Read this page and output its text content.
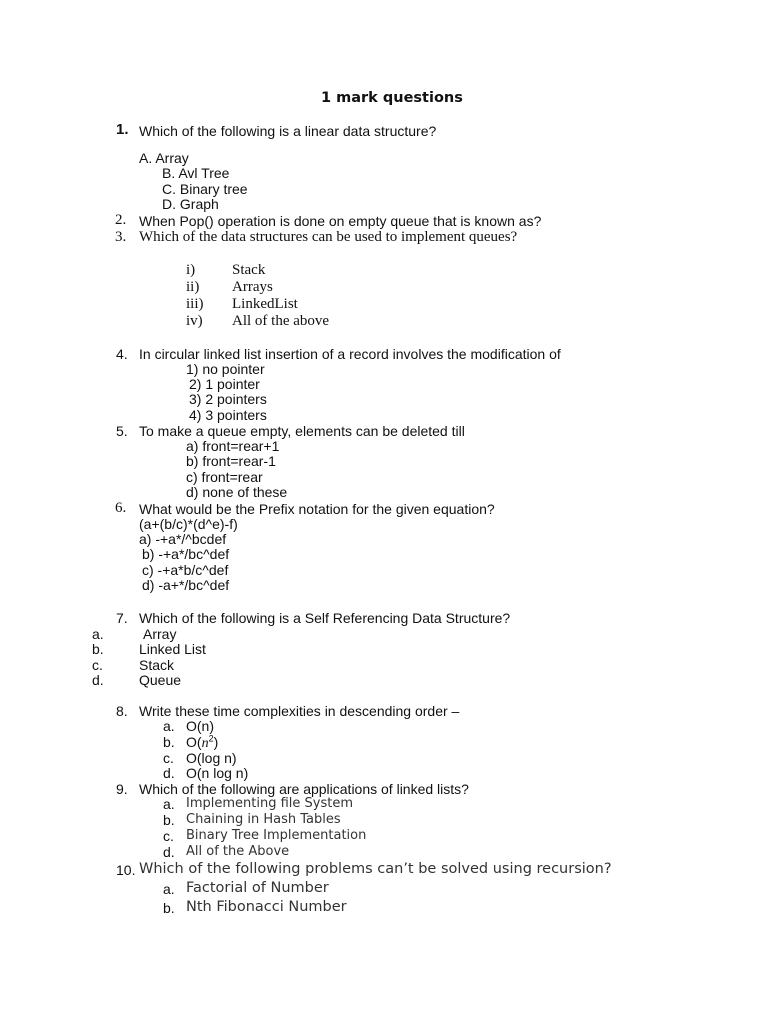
1 mark questions
1. Which of the following is a linear data structure?
A. Array
B. Avl Tree
C. Binary tree
D. Graph
2. When Pop() operation is done on empty queue that is known as?
3. Which of the data structures can be used to implement queues?
i) Stack
ii) Arrays
iii) LinkedList
iv) All of the above
4. In circular linked list insertion of a record involves the modification of
1) no pointer
2) 1 pointer
3) 2 pointers
4) 3 pointers
5. To make a queue empty, elements can be deleted till
a) front=rear+1
b) front=rear-1
c) front=rear
d) none of these
6. What would be the Prefix notation for the given equation?
(a+(b/c)*(d^e)-f)
a) -+a*/^bcdef
b) -+a*/bc^def
c) -+a*b/c^def
d) -a+*/bc^def
7. Which of the following is a Self Referencing Data Structure?
a.	Array
b.	Linked List
c.	Stack
d.	Queue
8. Write these time complexities in descending order –
a. O(n)
b. $O(n^2)$
c. O(log n)
d. O(n log n)
9. Which of the following are applications of linked lists?
a. Implementing file System
b. Chaining in Hash Tables
c. Binary Tree Implementation
d. All of the Above
10. Which of the following problems can’t be solved using recursion?
a. Factorial of Number
b. Nth Fibonacci Number
